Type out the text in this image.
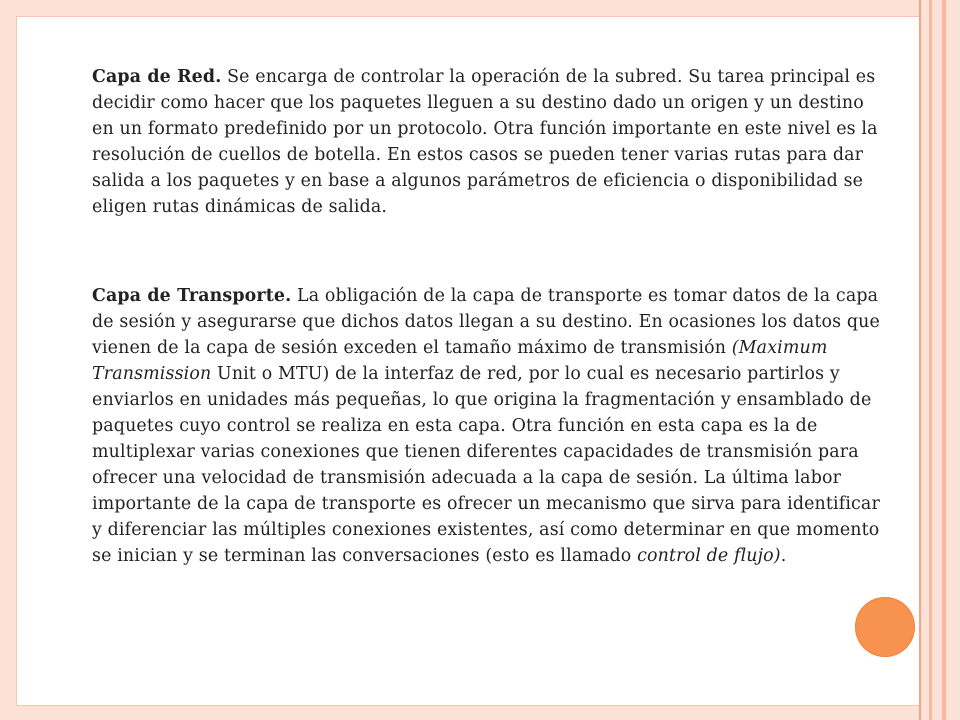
Capa de Red. Se encarga de controlar la operación de la subred. Su tarea principal es decidir como hacer que los paquetes lleguen a su destino dado un origen y un destino en un formato predefinido por un protocolo. Otra función importante en este nivel es la resolución de cuellos de botella. En estos casos se pueden tener varias rutas para dar salida a los paquetes y en base a algunos parámetros de eficiencia o disponibilidad se eligen rutas dinámicas de salida.

Capa de Transporte. La obligación de la capa de transporte es tomar datos de la capa de sesión y asegurarse que dichos datos llegan a su destino. En ocasiones los datos que vienen de la capa de sesión exceden el tamaño máximo de transmisión (Maximum Transmission Unit o MTU) de la interfaz de red, por lo cual es necesario partirlos y enviarlos en unidades más pequeñas, lo que origina la fragmentación y ensamblado de paquetes cuyo control se realiza en esta capa. Otra función en esta capa es la de multiplexar varias conexiones que tienen diferentes capacidades de transmisión para ofrecer una velocidad de transmisión adecuada a la capa de sesión. La última labor importante de la capa de transporte es ofrecer un mecanismo que sirva para identificar y diferenciar las múltiples conexiones existentes, así como determinar en que momento se inician y se terminan las conversaciones (esto es llamado control de flujo).
